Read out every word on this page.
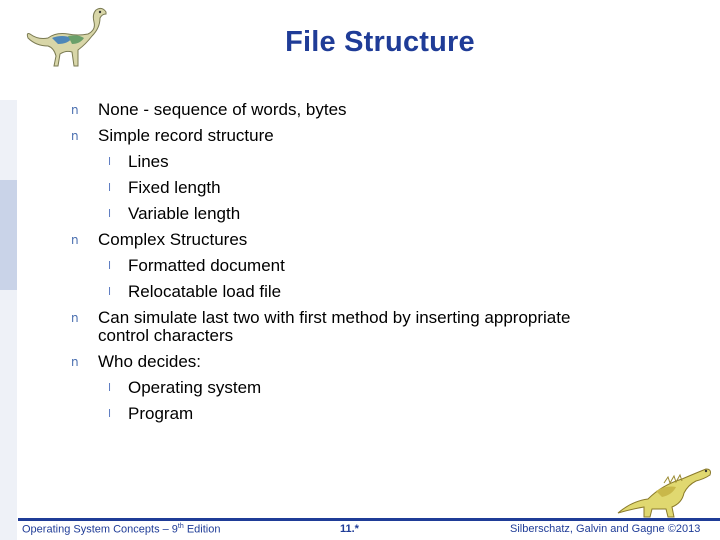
File Structure
n None - sequence of words, bytes
n Simple record structure
l Lines
l Fixed length
l Variable length
n Complex Structures
l Formatted document
l Relocatable load file
n Can simulate last two with first method by inserting appropriate
control characters
n Who decides:
l Operating system
l Program
Operating System Concepts – 9th Edition	11.*	Silberschatz, Galvin and Gagne ©2013
